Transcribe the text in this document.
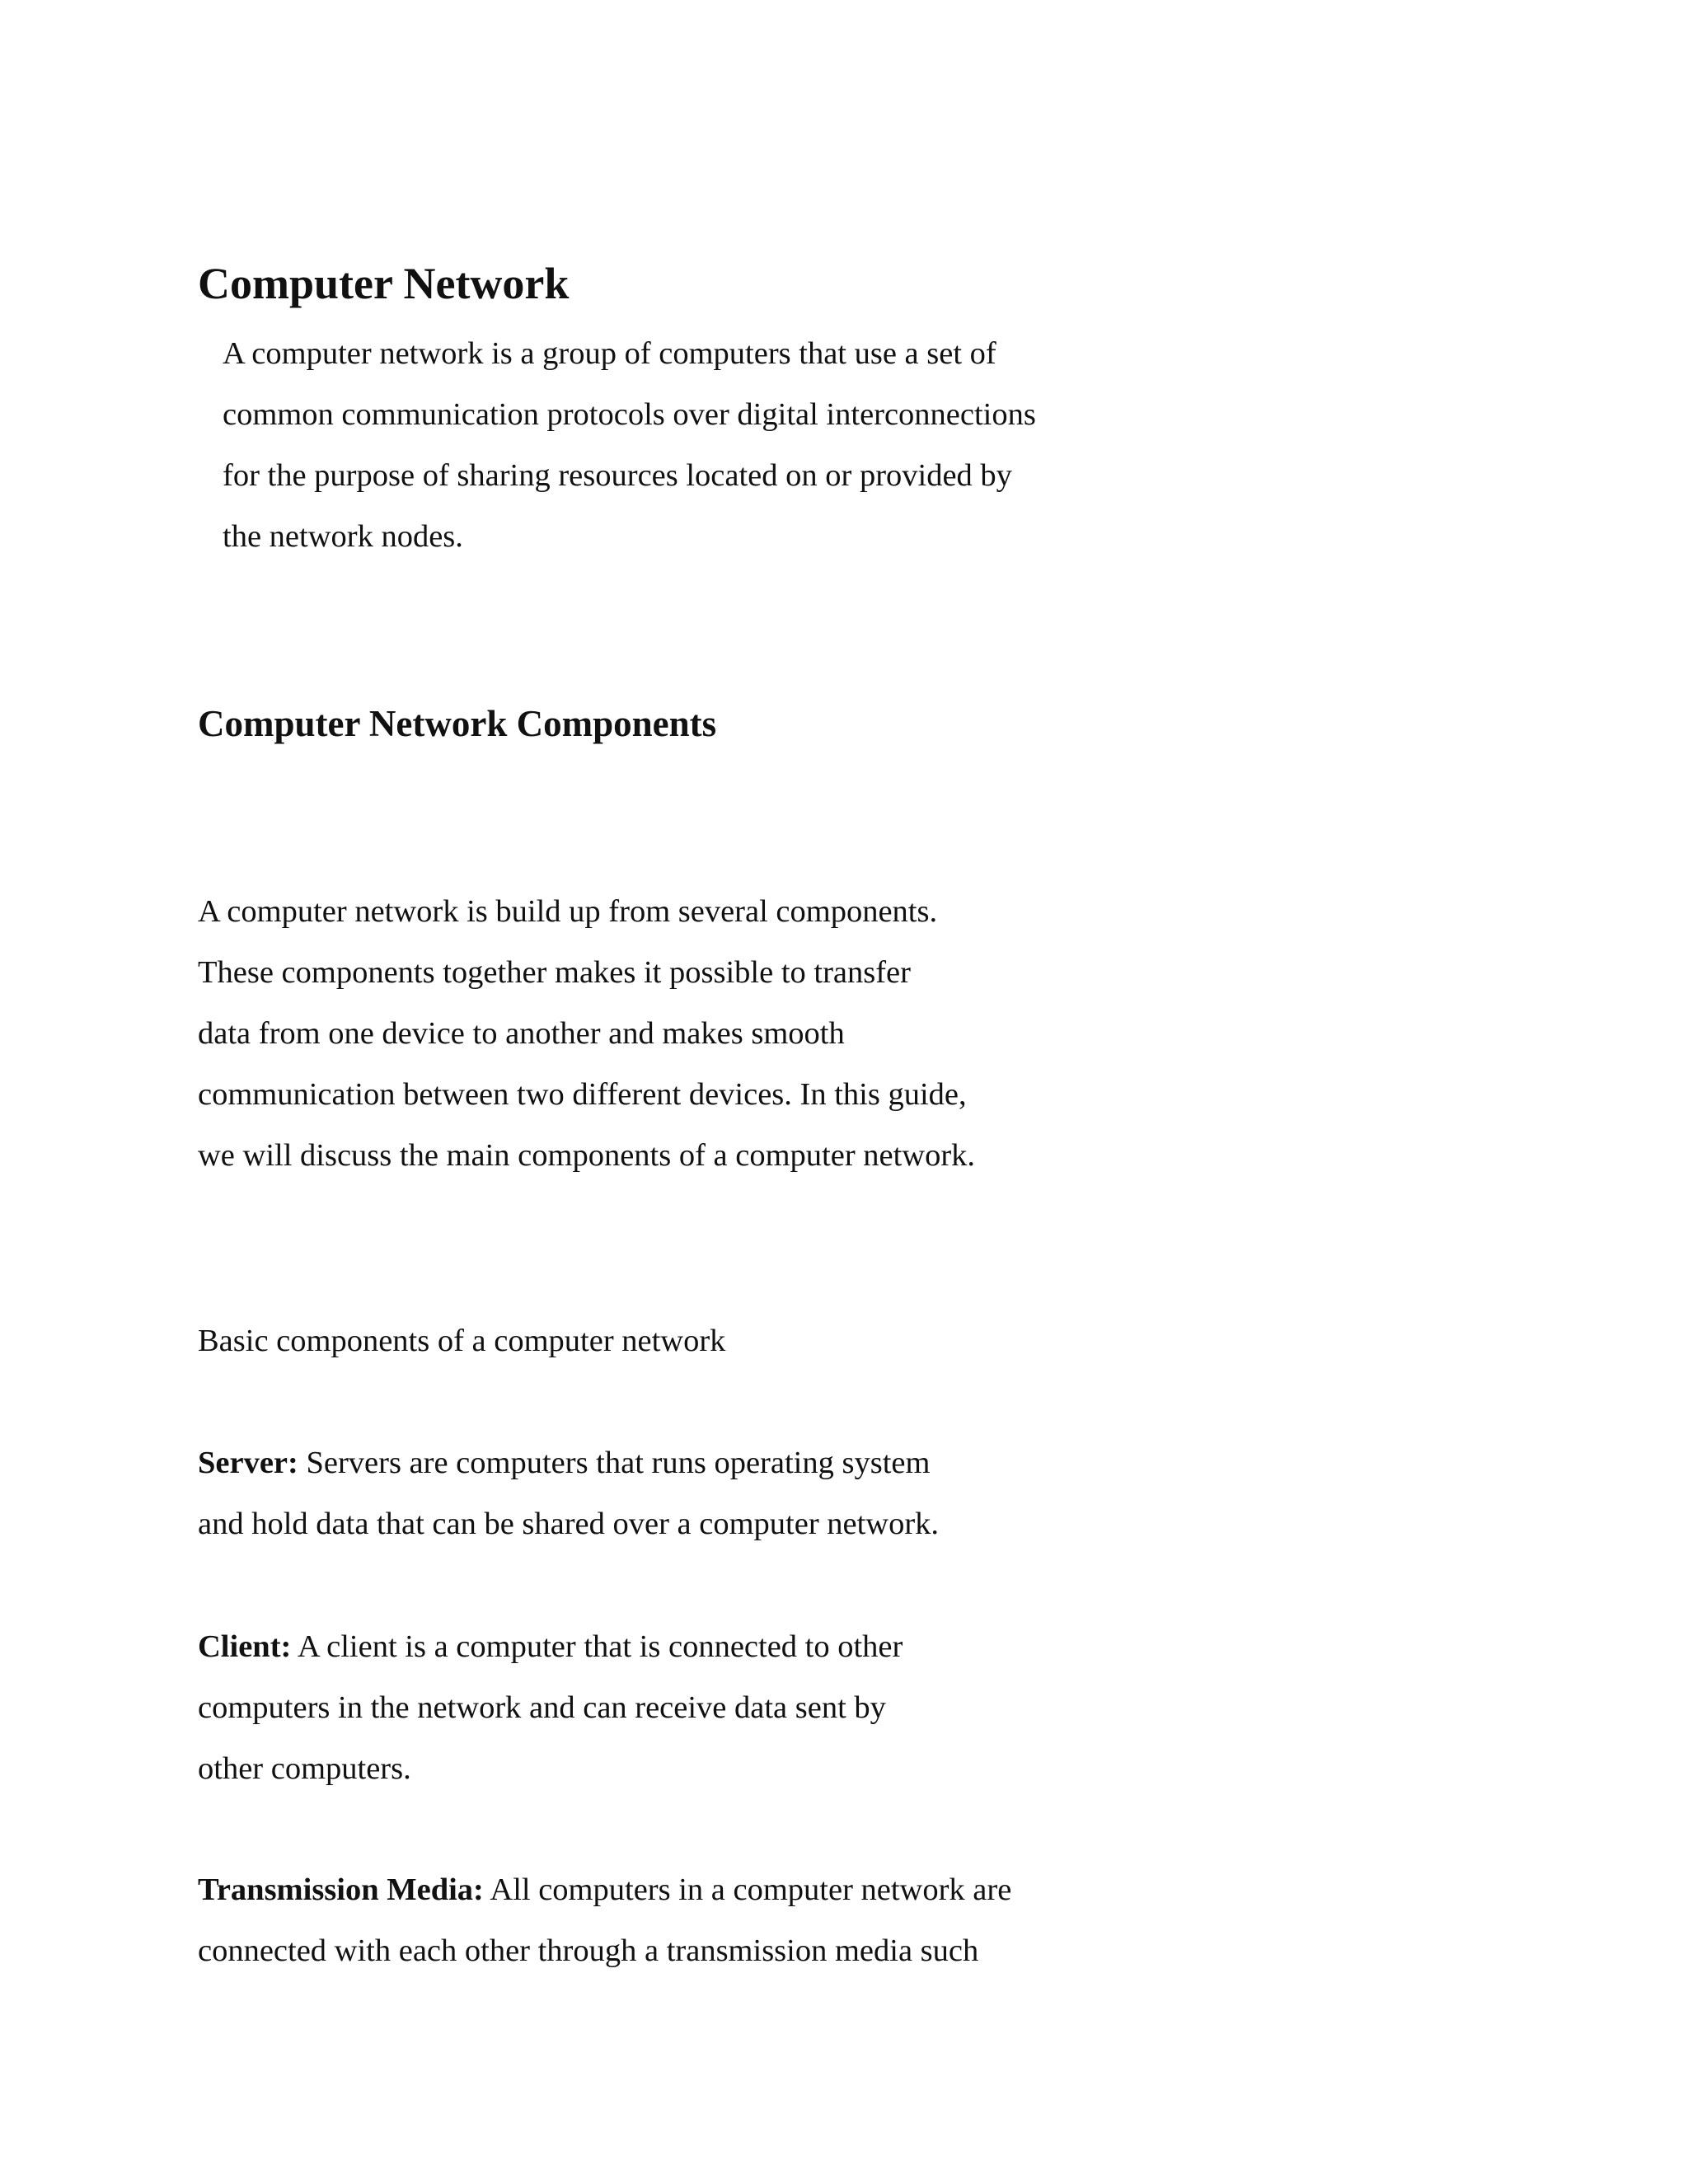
Computer Network

A computer network is a group of computers that use a set of
common communication protocols over digital interconnections
for the purpose of sharing resources located on or provided by
the network nodes.

Computer Network Components

A computer network is build up from several components.
These components together makes it possible to transfer
data from one device to another and makes smooth
communication between two different devices. In this guide,
we will discuss the main components of a computer network.

Basic components of a computer network

Server: Servers are computers that runs operating system
and hold data that can be shared over a computer network.

Client: A client is a computer that is connected to other
computers in the network and can receive data sent by
other computers.

Transmission Media: All computers in a computer network are
connected with each other through a transmission media such
